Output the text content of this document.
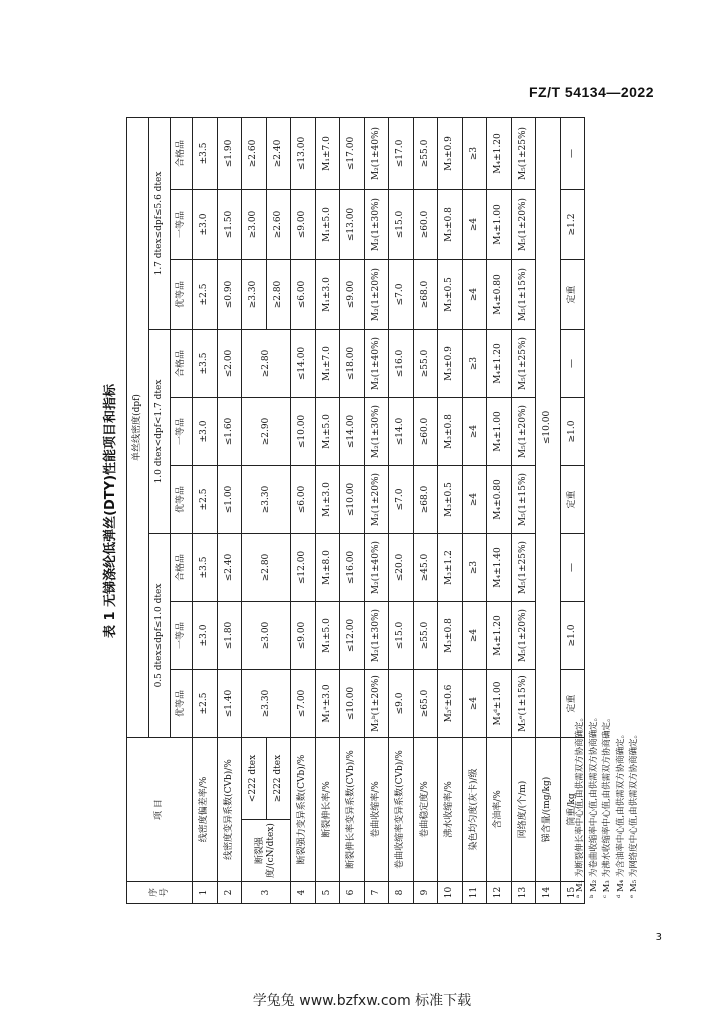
FZ/T 54134—2022
表 1 无锑涤纶低弹丝(DTY)性能项目和指标
序号	项 目		单丝线密度(dpf)								
			0.5 dtex≤dpf≤1.0 dtex			1.0 dtex<dpf<1.7 dtex			1.7 dtex≤dpf≤5.6 dtex		
			优等品	一等品	合格品	优等品	一等品	合格品	优等品	一等品	合格品
1	线密度偏差率/%		±2.5	±3.0	±3.5	±2.5	±3.0	±3.5	±2.5	±3.0	±3.5
2	线密度变异系数(CVb)/%		≤1.40	≤1.80	≤2.40	≤1.00	≤1.60	≤2.00	≤0.90	≤1.50	≤1.90
3	断裂强度/(cN/dtex)	<222 dtex	≥3.30	≥3.00	≥2.80	≥3.30	≥2.90	≥2.80	≥3.30	≥3.00	≥2.60
		≥222 dtex							≥2.80	≥2.60	≥2.40
4	断裂强力变异系数(CVb)/%		≤7.00	≤9.00	≤12.00	≤6.00	≤10.00	≤14.00	≤6.00	≤9.00	≤13.00
5	断裂伸长率/%		M₁ᵃ±3.0	M₁±5.0	M₁±8.0	M₁±3.0	M₁±5.0	M₁±7.0	M₁±3.0	M₁±5.0	M₁±7.0
6	断裂伸长率变异系数(CVb)/%		≤10.00	≤12.00	≤16.00	≤10.00	≤14.00	≤18.00	≤9.00	≤13.00	≤17.00
7	卷曲收缩率/%		M₂ᵇ(1±20%)	M₂(1±30%)	M₂(1±40%)	M₂(1±20%)	M₂(1±30%)	M₂(1±40%)	M₂(1±20%)	M₂(1±30%)	M₂(1±40%)
8	卷曲收缩率变异系数(CVb)/%		≤9.0	≤15.0	≤20.0	≤7.0	≤14.0	≤16.0	≤7.0	≤15.0	≤17.0
9	卷曲稳定度/%		≥65.0	≥55.0	≥45.0	≥68.0	≥60.0	≥55.0	≥68.0	≥60.0	≥55.0
10	沸水收缩率/%		M₃ᶜ±0.6	M₃±0.8	M₃±1.2	M₃±0.5	M₃±0.8	M₃±0.9	M₃±0.5	M₃±0.8	M₃±0.9
11	染色均匀度(灰卡)/级		≥4	≥4	≥3	≥4	≥4	≥3	≥4	≥4	≥3
12	含油率/%		M₄ᵈ±1.00	M₄±1.20	M₄±1.40	M₄±0.80	M₄±1.00	M₄±1.20	M₄±0.80	M₄±1.00	M₄±1.20
13	网络度/(个/m)		M₅ᵉ(1±15%)	M₅(1±20%)	M₅(1±25%)	M₅(1±15%)	M₅(1±20%)	M₅(1±25%)	M₅(1±15%)	M₅(1±20%)	M₅(1±25%)
14	锑含量/(mg/kg)		≤10.00								
15	筒重/kg		定重	≥1.0	—	定重	≥1.0	—	定重	≥1.2	—
ᵃ M₁ 为断裂伸长率中心值,由供需双方协商确定。 ᵇ M₂ 为卷曲收缩率中心值,由供需双方协商确定。 ᶜ M₃ 为沸水收缩率中心值,由供需双方协商确定。 ᵈ M₄ 为含油率中心值,由供需双方协商确定。 ᵉ M₅ 为网络度中心值,由供需双方协商确定。
3
学兔兔 www.bzfxw.com 标准下载
